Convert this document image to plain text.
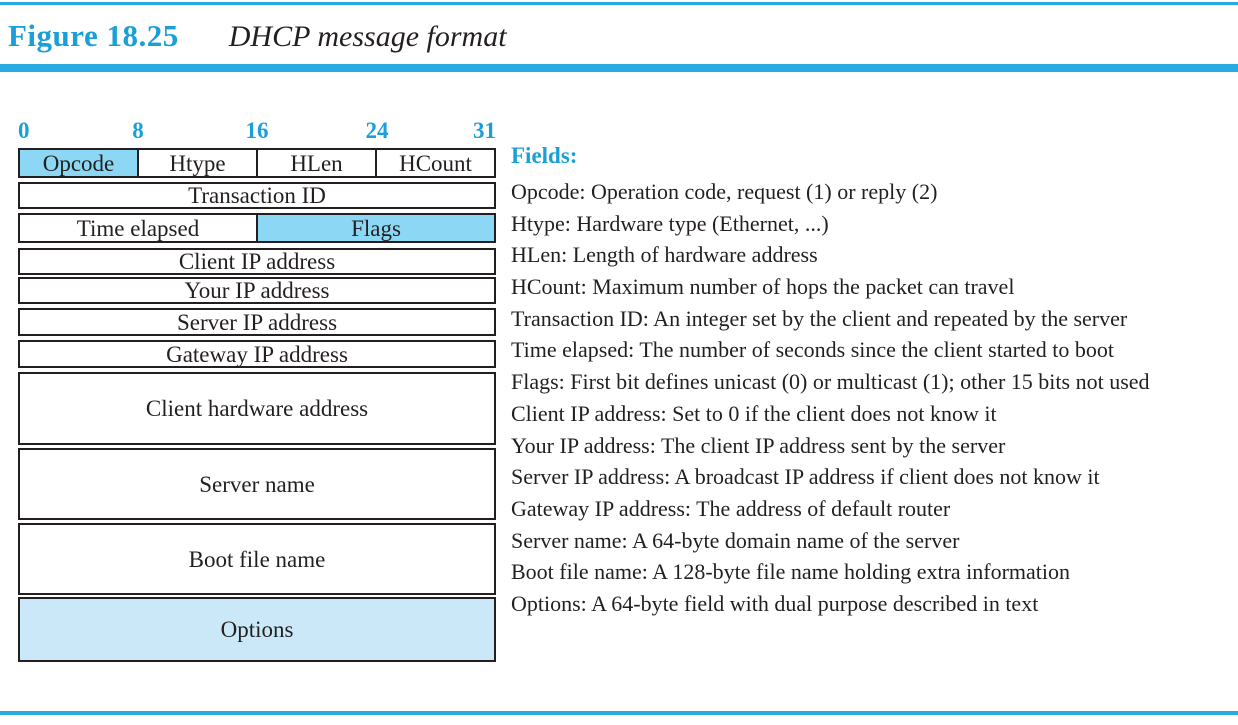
Figure 18.25 DHCP message format
0	8	16	24	31
Opcode	Htype	HLen	HCount
Transaction ID
Time elapsed	Flags
Client IP address
Your IP address
Server IP address
Gateway IP address
Client hardware address
Server name
Boot file name
Options
Fields:
Opcode: Operation code, request (1) or reply (2)
Htype: Hardware type (Ethernet, ...)
HLen: Length of hardware address
HCount: Maximum number of hops the packet can travel
Transaction ID: An integer set by the client and repeated by the server
Time elapsed: The number of seconds since the client started to boot
Flags: First bit defines unicast (0) or multicast (1); other 15 bits not used
Client IP address: Set to 0 if the client does not know it
Your IP address: The client IP address sent by the server
Server IP address: A broadcast IP address if client does not know it
Gateway IP address: The address of default router
Server name: A 64-byte domain name of the server
Boot file name: A 128-byte file name holding extra information
Options: A 64-byte field with dual purpose described in text
